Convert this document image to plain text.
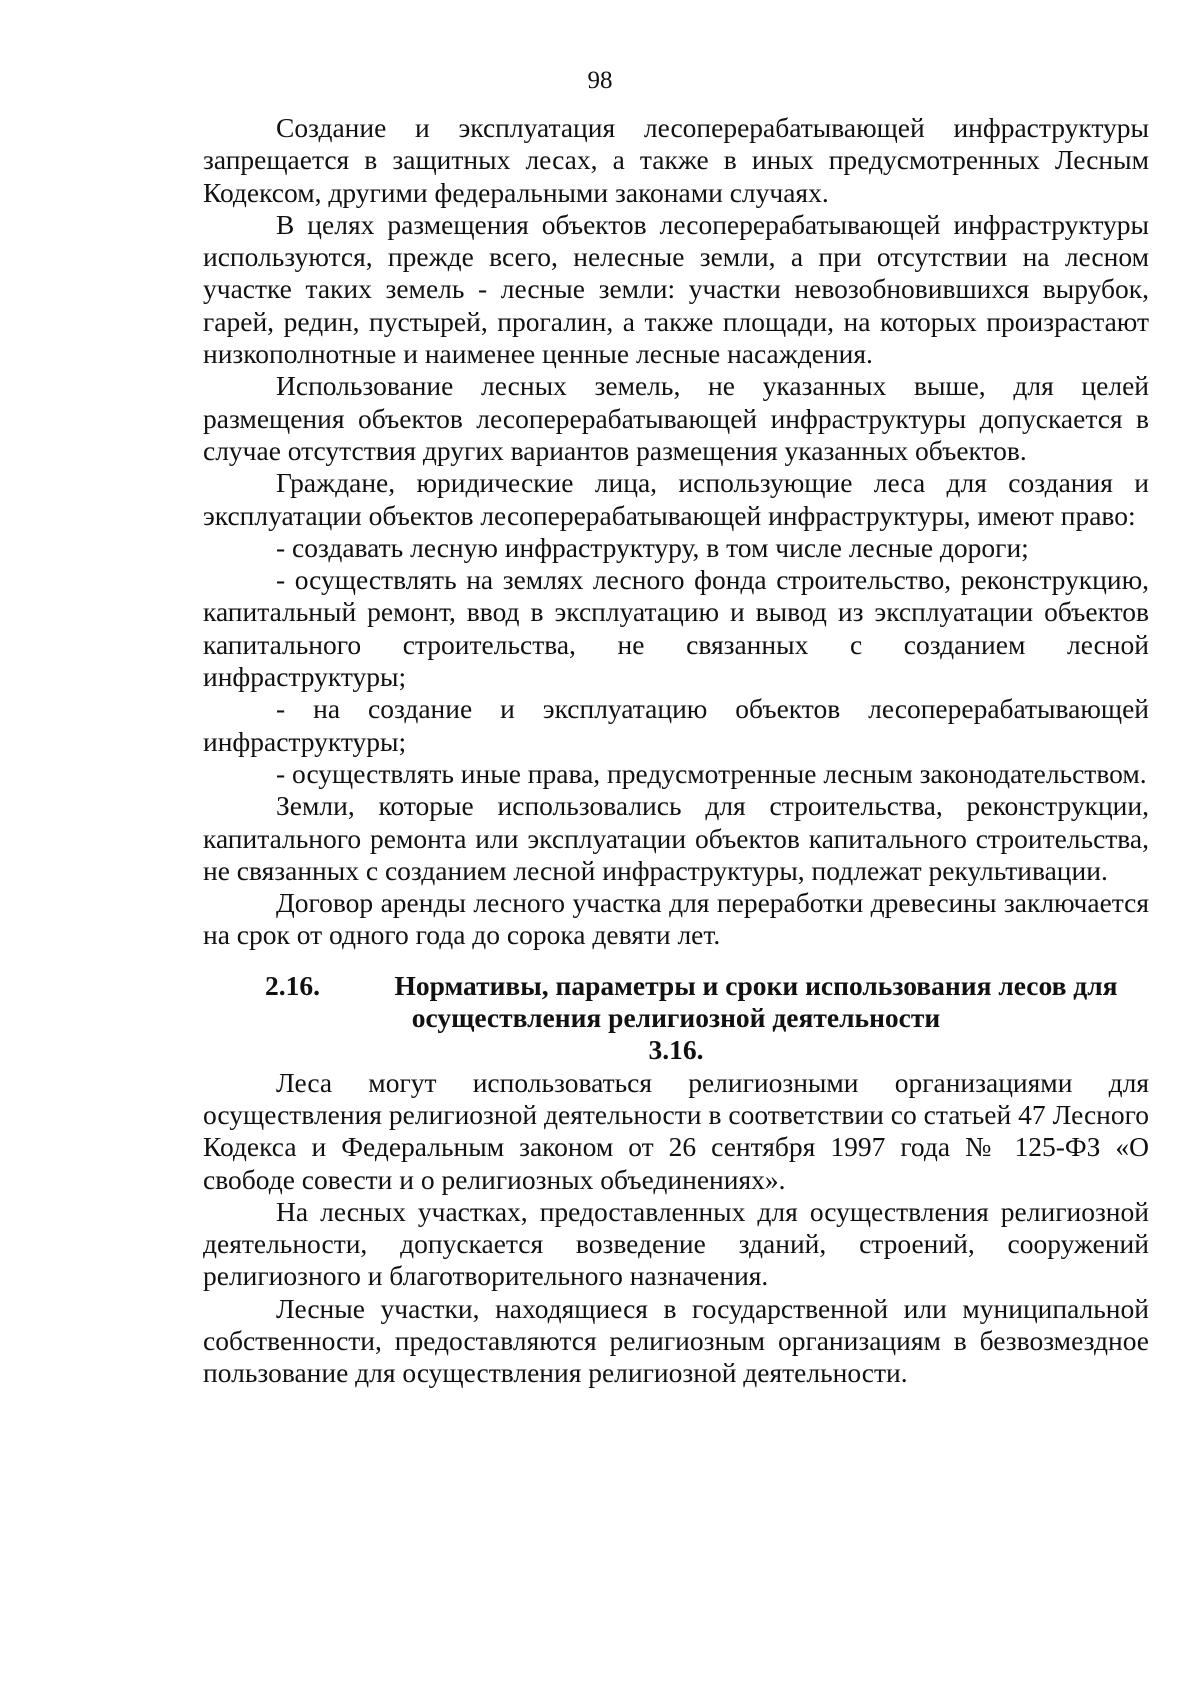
98

Создание и эксплуатация лесоперерабатывающей инфраструктуры запрещается в защитных лесах, а также в иных предусмотренных Лесным Кодексом, другими федеральными законами случаях.

В целях размещения объектов лесоперерабатывающей инфраструктуры используются, прежде всего, нелесные земли, а при отсутствии на лесном участке таких земель - лесные земли: участки невозобновившихся вырубок, гарей, редин, пустырей, прогалин, а также площади, на которых произрастают низкополнотные и наименее ценные лесные насаждения.

Использование лесных земель, не указанных выше, для целей размещения объектов лесоперерабатывающей инфраструктуры допускается в случае отсутствия других вариантов размещения указанных объектов.

Граждане, юридические лица, использующие леса для создания и эксплуатации объектов лесоперерабатывающей инфраструктуры, имеют право:

- создавать лесную инфраструктуру, в том числе лесные дороги;

- осуществлять на землях лесного фонда строительство, реконструкцию, капитальный ремонт, ввод в эксплуатацию и вывод из эксплуатации объектов капитального строительства, не связанных с созданием лесной инфраструктуры;

- на создание и эксплуатацию объектов лесоперерабатывающей инфраструктуры;

- осуществлять иные права, предусмотренные лесным законодательством.

Земли, которые использовались для строительства, реконструкции, капитального ремонта или эксплуатации объектов капитального строительства, не связанных с созданием лесной инфраструктуры, подлежат рекультивации.

Договор аренды лесного участка для переработки древесины заключается на срок от одного года до сорока девяти лет.

2.16.	Нормативы, параметры и сроки использования лесов для
осуществления религиозной деятельности
3.16.

Леса могут использоваться религиозными организациями для осуществления религиозной деятельности в соответствии со статьей 47 Лесного Кодекса и Федеральным законом от 26 сентября 1997 года № 125-ФЗ «О свободе совести и о религиозных объединениях».

На лесных участках, предоставленных для осуществления религиозной деятельности, допускается возведение зданий, строений, сооружений религиозного и благотворительного назначения.

Лесные участки, находящиеся в государственной или муниципальной собственности, предоставляются религиозным организациям в безвозмездное пользование для осуществления религиозной деятельности.
